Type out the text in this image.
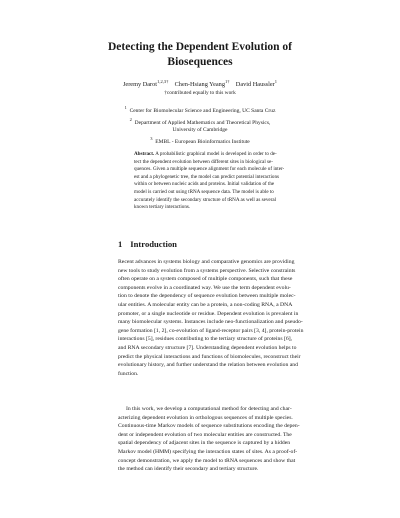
Detecting the Dependent Evolution of
Biosequences
Jeremy Darot$^{1,2,3\dagger}$   Chen-Hsiang Yeang$^{1\dagger}$   David Haussler$^1$
†contributed equally to this work
$^1$ Center for Biomolecular Science and Engineering, UC Santa Cruz
$^2$ Department of Applied Mathematics and Theoretical Physics,
University of Cambridge
$^3$ EMBL - European Bioinformatics Institute
Abstract. A probabilistic graphical model is developed in order to de-
tect the dependent evolution between different sites in biological se-
quences. Given a multiple sequence alignment for each molecule of inter-
est and a phylogenetic tree, the model can predict potential interactions
within or between nucleic acids and proteins. Initial validation of the
model is carried out using tRNA sequence data. The model is able to
accurately identify the secondary structure of tRNA as well as several
known tertiary interactions.
1 Introduction
Recent advances in systems biology and comparative genomics are providing
new tools to study evolution from a systems perspective. Selective constraints
often operate on a system composed of multiple components, such that these
components evolve in a coordinated way. We use the term dependent evolu-
tion to denote the dependency of sequence evolution between multiple molec-
ular entities. A molecular entity can be a protein, a non-coding RNA, a DNA
promoter, or a single nucleotide or residue. Dependent evolution is prevalent in
many biomolecular systems. Instances include neo-functionalization and pseudo-
gene formation [1, 2], co-evolution of ligand-receptor pairs [3, 4], protein-protein
interactions [5], residues contributing to the tertiary structure of proteins [6],
and RNA secondary structure [7]. Understanding dependent evolution helps to
predict the physical interactions and functions of biomolecules, reconstruct their
evolutionary history, and further understand the relation between evolution and
function.
In this work, we develop a computational method for detecting and char-
acterizing dependent evolution in orthologous sequences of multiple species.
Continuous-time Markov models of sequence substitutions encoding the depen-
dent or independent evolution of two molecular entities are constructed. The
spatial dependency of adjacent sites in the sequence is captured by a hidden
Markov model (HMM) specifying the interaction states of sites. As a proof-of-
concept demonstration, we apply the model to tRNA sequences and show that
the method can identify their secondary and tertiary structure.
